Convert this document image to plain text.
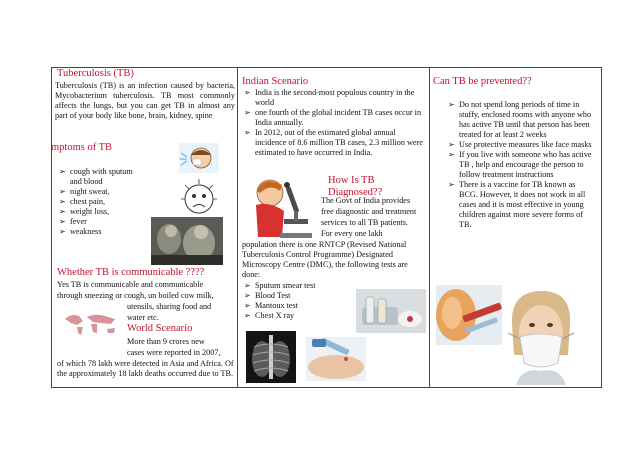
Tuberculosis (TB)
Tuberculosis (TB) is an infection caused by bacteria, Mycobacterium tuberculosis. TB most commonly affects the lungs, but you can get TB in almost any part of your body like bone, brain, kidney, spine
mptoms of TB
➢ cough with sputum
and blood
➢ night sweat,
➢ chest pain,
➢ weight loss,
➢ fever
➢ weakness
Whether TB is communicable ????
Yes TB is communicable and communicable
through sneezing or cough, un boiled cow milk,
utensils, sharing food and
water etc.
World Scenario
More than 9 crores new
cases were reported in 2007,
of which 78 lakh were detected in Asia and Africa. Of the approximately 18 lakh deaths occurred due to TB.
Indian Scenario
➢ India is the second-most populous country in the world
➢ one fourth of the global incident TB cases occur in India annually.
➢ In 2012, out of the estimated global annual incidence of 8.6 million TB cases, 2.3 million were estimated to have occurred in India.
How Is TB Diagnosed??
The Govt of India provides
free diagnostic and treatment
services to all TB patients.
For every one lakh
population there is one RNTCP (Revised National Tuberculosis Control Programme) Designated Microscopy Centre (DMC), the following tests are done:
➢ Sputum smear test
➢ Blood Test
➢ Mantoux test
➢ Chest X ray
Can TB be prevented??
➢ Do not spend long periods of time in stuffy, enclosed rooms with anyone who has active TB until that person has been treated for at least 2 weeks
➢ Use protective measures like face masks
➢ If you live with someone who has active TB , help and encourage the person to follow treatment instructions
➢ There is a vaccine for TB known as BCG. However, it does not work in all cases and it is most effective in young children against more severe forms of TB.
